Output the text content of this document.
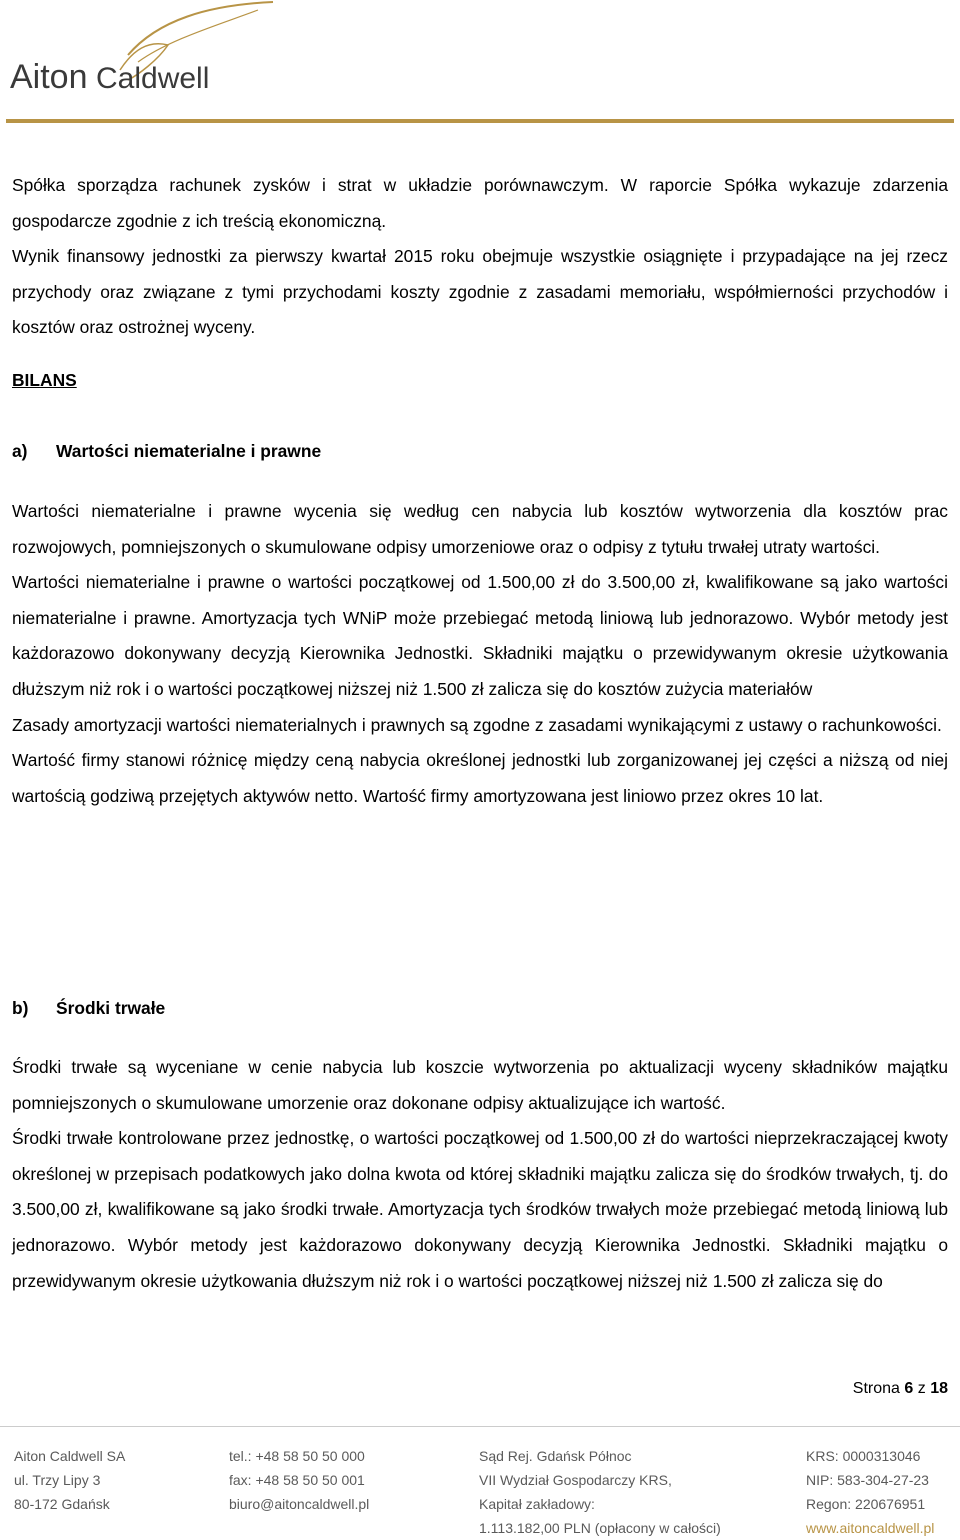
Aiton Caldwell

Spółka sporządza rachunek zysków i strat w układzie porównawczym. W raporcie Spółka wykazuje zdarzenia gospodarcze zgodnie z ich treścią ekonomiczną.

Wynik finansowy jednostki za pierwszy kwartał 2015 roku obejmuje wszystkie osiągnięte i przypadające na jej rzecz przychody oraz związane z tymi przychodami koszty zgodnie z zasadami memoriału, współmierności przychodów i kosztów oraz ostrożnej wyceny.

BILANS
a) Wartości niematerialne i prawne

Wartości niematerialne i prawne wycenia się według cen nabycia lub kosztów wytworzenia dla kosztów prac rozwojowych, pomniejszonych o skumulowane odpisy umorzeniowe oraz o odpisy z tytułu trwałej utraty wartości.

Wartości niematerialne i prawne o wartości początkowej od 1.500,00 zł do 3.500,00 zł, kwalifikowane są jako wartości niematerialne i prawne. Amortyzacja tych WNiP może przebiegać metodą liniową lub jednorazowo. Wybór metody jest każdorazowo dokonywany decyzją Kierownika Jednostki. Składniki majątku o przewidywanym okresie użytkowania dłuższym niż rok i o wartości początkowej niższej niż 1.500 zł zalicza się do kosztów zużycia materiałów

Zasady amortyzacji wartości niematerialnych i prawnych są zgodne z zasadami wynikającymi z ustawy o rachunkowości.

Wartość firmy stanowi różnicę między ceną nabycia określonej jednostki lub zorganizowanej jej części a niższą od niej wartością godziwą przejętych aktywów netto. Wartość firmy amortyzowana jest liniowo przez okres 10 lat.

b) Środki trwałe

Środki trwałe są wyceniane w cenie nabycia lub koszcie wytworzenia po aktualizacji wyceny składników majątku pomniejszonych o skumulowane umorzenie oraz dokonane odpisy aktualizujące ich wartość.

Środki trwałe kontrolowane przez jednostkę, o wartości początkowej od 1.500,00 zł do wartości nieprzekraczającej kwoty określonej w przepisach podatkowych jako dolna kwota od której składniki majątku zalicza się do środków trwałych, tj. do 3.500,00 zł, kwalifikowane są jako środki trwałe. Amortyzacja tych środków trwałych może przebiegać metodą liniową lub jednorazowo. Wybór metody jest każdorazowo dokonywany decyzją Kierownika Jednostki. Składniki majątku o przewidywanym okresie użytkowania dłuższym niż rok i o wartości początkowej niższej niż 1.500 zł zalicza się do

Strona 6 z 18
Aiton Caldwell SA
ul. Trzy Lipy 3
80-172 Gdańsk
tel.: +48 58 50 50 000
fax: +48 58 50 50 001
biuro@aitoncaldwell.pl
Sąd Rej. Gdańsk Północ
VII Wydział Gospodarczy KRS,
Kapitał zakładowy:
1.113.182,00 PLN (opłacony w całości)
KRS: 0000313046
NIP: 583-304-27-23
Regon: 220676951
www.aitoncaldwell.pl
